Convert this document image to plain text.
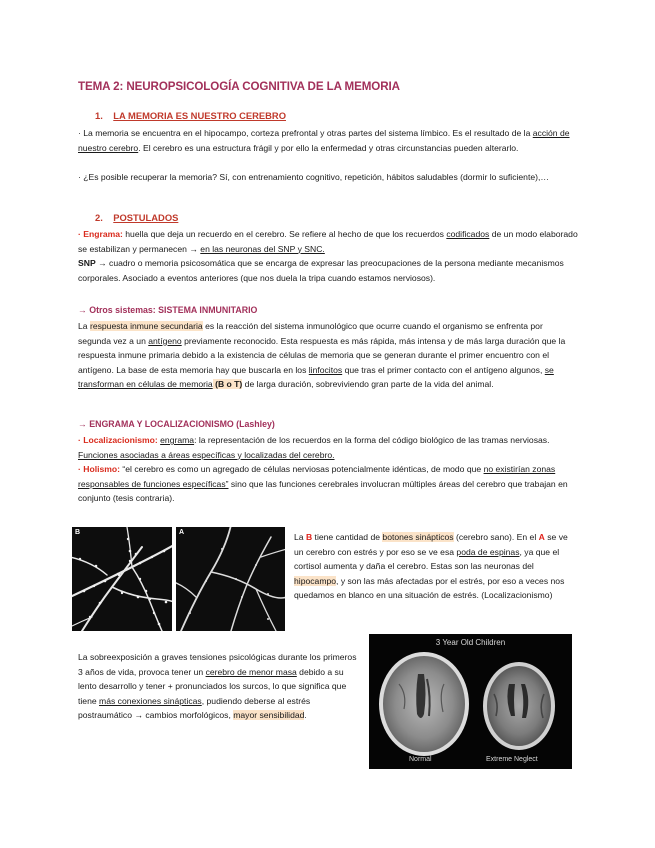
TEMA 2: NEUROPSICOLOGÍA COGNITIVA DE LA MEMORIA
1. LA MEMORIA ES NUESTRO CEREBRO
· La memoria se encuentra en el hipocampo, corteza prefrontal y otras partes del sistema límbico. Es el resultado de la acción de nuestro cerebro. El cerebro es una estructura frágil y por ello la enfermedad y otras circunstancias pueden alterarlo.
· ¿Es posible recuperar la memoria? Sí, con entrenamiento cognitivo, repetición, hábitos saludables (dormir lo suficiente),…
2. POSTULADOS
· Engrama: huella que deja un recuerdo en el cerebro. Se refiere al hecho de que los recuerdos codificados de un modo elaborado se estabilizan y permanecen → en las neuronas del SNP y SNC.
SNP → cuadro o memoria psicosomática que se encarga de expresar las preocupaciones de la persona mediante mecanismos corporales. Asociado a eventos anteriores (que nos duela la tripa cuando estamos nerviosos).
→ Otros sistemas: SISTEMA INMUNITARIO
La respuesta inmune secundaria es la reacción del sistema inmunológico que ocurre cuando el organismo se enfrenta por segunda vez a un antígeno previamente reconocido. Esta respuesta es más rápida, más intensa y de más larga duración que la respuesta inmune primaria debido a la existencia de células de memoria que se generan durante el primer encuentro con el antígeno. La base de esta memoria hay que buscarla en los linfocitos que tras el primer contacto con el antígeno algunos, se transforman en células de memoria (B o T) de larga duración, sobreviviendo gran parte de la vida del animal.
→ ENGRAMA Y LOCALIZACIONISMO (Lashley)
· Localizacionismo: engrama: la representación de los recuerdos en la forma del código biológico de las tramas nerviosas. Funciones asociadas a áreas específicas y localizadas del cerebro.
· Holismo: “el cerebro es como un agregado de células nerviosas potencialmente idénticas, de modo que no existirían zonas responsables de funciones específicas” sino que las funciones cerebrales involucran múltiples áreas del cerebro que trabajan en conjunto (tesis contraria).
B	A	La B tiene cantidad de botones sinápticos (cerebro sano). En el A se ve un cerebro con estrés y por eso se ve esa poda de espinas, ya que el cortisol aumenta y daña el cerebro. Estas son las neuronas del hipocampo, y son las más afectadas por el estrés, por eso a veces nos quedamos en blanco en una situación de estrés. (Localizacionismo)
3 Year Old Children
Normal	Extreme Neglect
La sobreexposición a graves tensiones psicológicas durante los primeros 3 años de vida, provoca tener un cerebro de menor masa debido a su lento desarrollo y tener + pronunciados los surcos, lo que significa que tiene más conexiones sinápticas, pudiendo deberse al estrés postraumático → cambios morfológicos, mayor sensibilidad.
